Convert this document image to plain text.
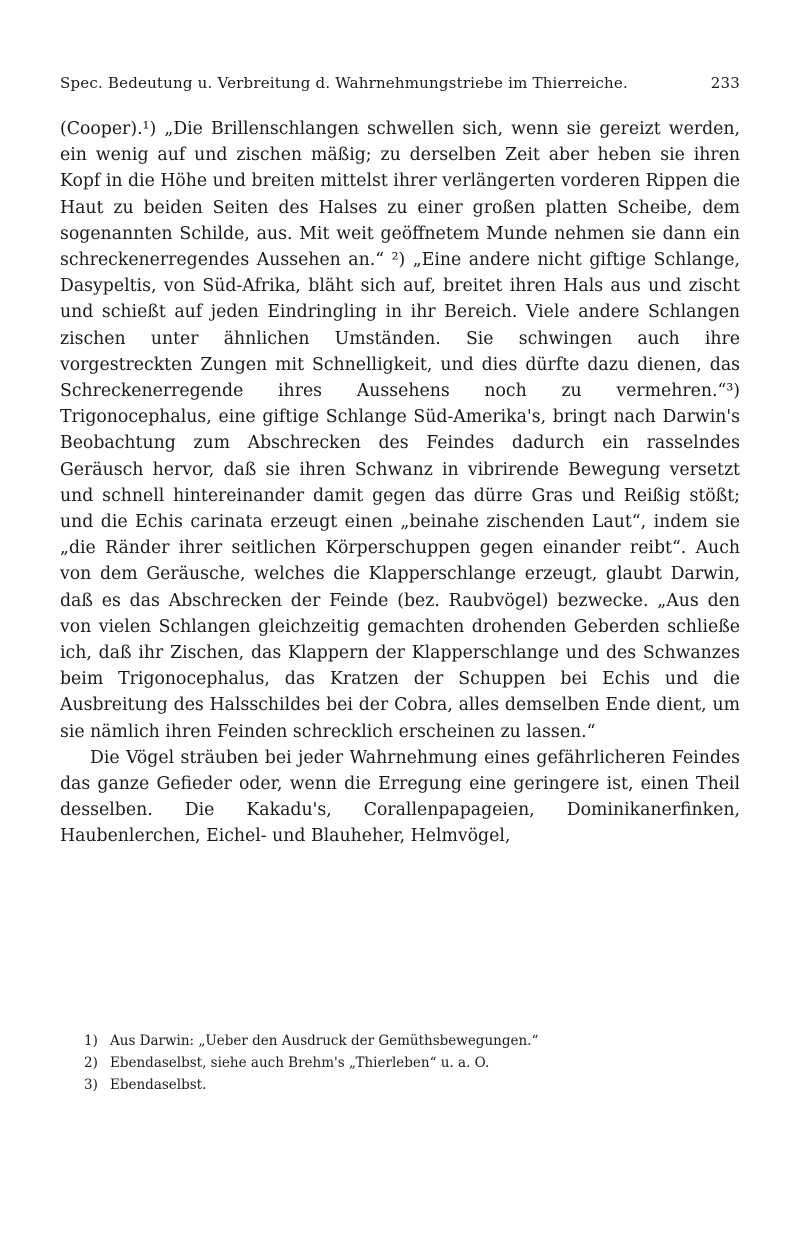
Spec. Bedeutung u. Verbreitung d. Wahrnehmungstriebe im Thierreiche.	233

(Cooper).¹) „Die Brillenschlangen schwellen sich, wenn sie gereizt werden, ein wenig auf und zischen mäßig; zu derselben Zeit aber heben sie ihren Kopf in die Höhe und breiten mittelst ihrer verlängerten vorderen Rippen die Haut zu beiden Seiten des Halses zu einer großen platten Scheibe, dem sogenannten Schilde, aus. Mit weit geöffnetem Munde nehmen sie dann ein schreckenerregendes Aussehen an.“ ²) „Eine andere nicht giftige Schlange, Dasypeltis, von Süd-Afrika, bläht sich auf, breitet ihren Hals aus und zischt und schießt auf jeden Eindringling in ihr Bereich. Viele andere Schlangen zischen unter ähnlichen Umständen. Sie schwingen auch ihre vorgestreckten Zungen mit Schnelligkeit, und dies dürfte dazu dienen, das Schreckenerregende ihres Aussehens noch zu vermehren.“³) Trigonocephalus, eine giftige Schlange Süd-Amerika's, bringt nach Darwin's Beobachtung zum Abschrecken des Feindes dadurch ein rasselndes Geräusch hervor, daß sie ihren Schwanz in vibrirende Bewegung versetzt und schnell hintereinander damit gegen das dürre Gras und Reißig stößt; und die Echis carinata erzeugt einen „beinahe zischenden Laut“, indem sie „die Ränder ihrer seitlichen Körperschuppen gegen einander reibt“. Auch von dem Geräusche, welches die Klapperschlange erzeugt, glaubt Darwin, daß es das Abschrecken der Feinde (bez. Raubvögel) bezwecke. „Aus den von vielen Schlangen gleichzeitig gemachten drohenden Geberden schließe ich, daß ihr Zischen, das Klappern der Klapperschlange und des Schwanzes beim Trigonocephalus, das Kratzen der Schuppen bei Echis und die Ausbreitung des Halsschildes bei der Cobra, alles demselben Ende dient, um sie nämlich ihren Feinden schrecklich erscheinen zu lassen.“

Die Vögel sträuben bei jeder Wahrnehmung eines gefährlicheren Feindes das ganze Gefieder oder, wenn die Erregung eine geringere ist, einen Theil desselben. Die Kakadu's, Corallenpapageien, Dominikanerfinken, Haubenlerchen, Eichel- und Blauheher, Helmvögel,

1) Aus Darwin: „Ueber den Ausdruck der Gemüthsbewegungen.“
2) Ebendaselbst, siehe auch Brehm's „Thierleben“ u. a. O.
3) Ebendaselbst.
